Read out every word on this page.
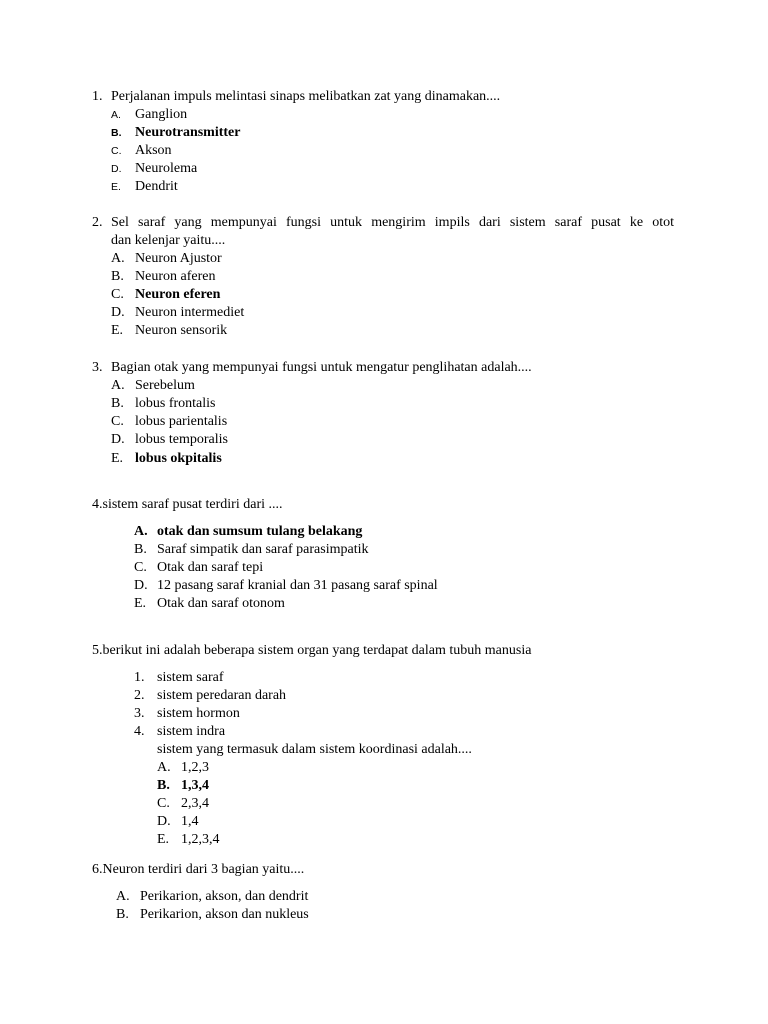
1. Perjalanan impuls melintasi sinaps melibatkan zat yang dinamakan....
A. Ganglion
B. Neurotransmitter
C. Akson
D. Neurolema
E. Dendrit
2. Sel saraf yang mempunyai fungsi untuk mengirim impils dari sistem saraf pusat ke otot
dan kelenjar yaitu....
A. Neuron Ajustor
B. Neuron aferen
C. Neuron eferen
D. Neuron intermediet
E. Neuron sensorik
3. Bagian otak yang mempunyai fungsi untuk mengatur penglihatan adalah....
A. Serebelum
B. lobus frontalis
C. lobus parientalis
D. lobus temporalis
E. lobus okpitalis
4.sistem saraf pusat terdiri dari ....
A. otak dan sumsum tulang belakang
B. Saraf simpatik dan saraf parasimpatik
C. Otak dan saraf tepi
D. 12 pasang saraf kranial dan 31 pasang saraf spinal
E. Otak dan saraf otonom
5.berikut ini adalah beberapa sistem organ yang terdapat dalam tubuh manusia
1. sistem saraf
2. sistem peredaran darah
3. sistem hormon
4. sistem indra
sistem yang termasuk dalam sistem koordinasi adalah....
A. 1,2,3
B. 1,3,4
C. 2,3,4
D. 1,4
E. 1,2,3,4
6.Neuron terdiri dari 3 bagian yaitu....
A. Perikarion, akson, dan dendrit
B. Perikarion, akson dan nukleus
